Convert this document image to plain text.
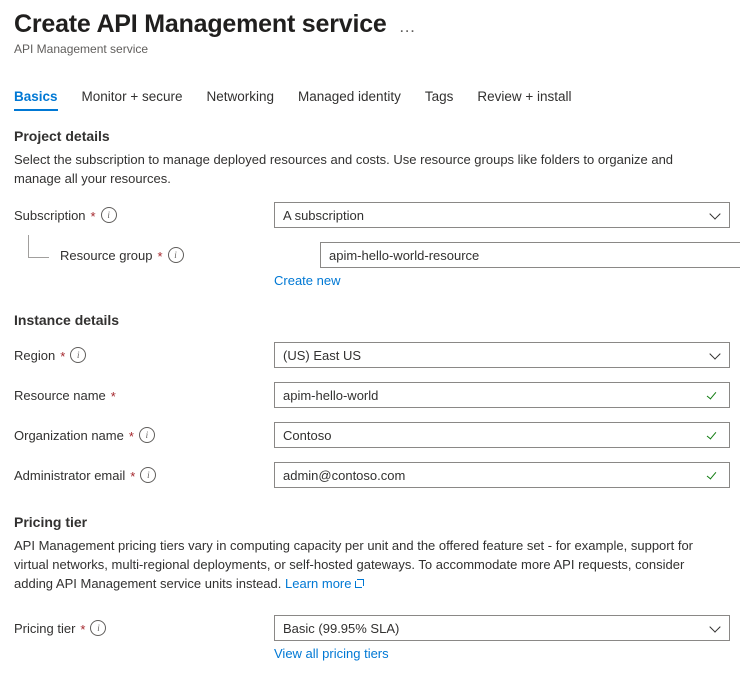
Create API Management service …
API Management service
Basics Monitor + secure Networking Managed identity Tags Review + install
Project details
Select the subscription to manage deployed resources and costs. Use resource groups like folders to organize and manage all your resources.
Subscription *	i	A subscription
Resource group *	i	apim-hello-world-resource
Create new
Instance details
Region *	i	(US) East US
Resource name *	apim-hello-world
Organization name *	i	Contoso
Administrator email *	i	admin@contoso.com
Pricing tier
API Management pricing tiers vary in computing capacity per unit and the offered feature set - for example, support for virtual networks, multi-regional deployments, or self-hosted gateways. To accommodate more API requests, consider adding API Management service units instead. Learn more
Pricing tier *	i	Basic (99.95% SLA)
View all pricing tiers
